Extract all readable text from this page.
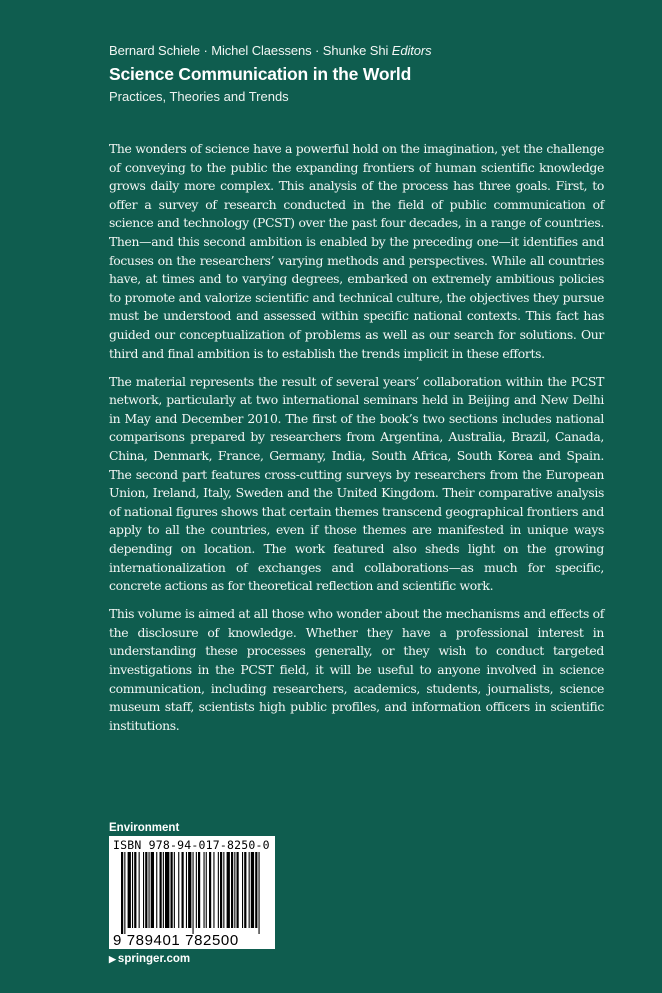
Bernard Schiele · Michel Claessens · Shunke Shi Editors
Science Communication in the World
Practices, Theories and Trends

The wonders of science have a powerful hold on the imagination, yet the challenge of conveying to the public the expanding frontiers of human scientific knowledge grows daily more complex. This analysis of the process has three goals. First, to offer a survey of research conducted in the field of public communication of science and technology (PCST) over the past four decades, in a range of countries. Then—and this second ambition is enabled by the preceding one—it identifies and focuses on the researchers’ varying methods and perspectives. While all countries have, at times and to varying degrees, embarked on extremely ambitious policies to promote and valorize scientific and technical culture, the objectives they pursue must be understood and assessed within specific national contexts. This fact has guided our conceptualization of problems as well as our search for solutions. Our third and final ambition is to establish the trends implicit in these efforts.

The material represents the result of several years’ collaboration within the PCST network, particularly at two international seminars held in Beijing and New Delhi in May and December 2010. The first of the book’s two sections includes national comparisons prepared by researchers from Argentina, Australia, Brazil, Canada, China, Denmark, France, Germany, India, South Africa, South Korea and Spain. The second part features cross-cutting surveys by researchers from the European Union, Ireland, Italy, Sweden and the United Kingdom. Their comparative analysis of national figures shows that certain themes transcend geographical frontiers and apply to all the countries, even if those themes are manifested in unique ways depending on location. The work featured also sheds light on the growing internationalization of exchanges and collaborations—as much for specific, concrete actions as for theoretical reflection and scientific work.

This volume is aimed at all those who wonder about the mechanisms and effects of the disclosure of knowledge. Whether they have a professional interest in understanding these processes generally, or they wish to conduct targeted investigations in the PCST field, it will be useful to anyone involved in science communication, including researchers, academics, students, journalists, science museum staff, scientists high public profiles, and information officers in scientific institutions.

Environment
ISBN 978-94-017-8250-0
9 789401 782500
▶ springer.com
